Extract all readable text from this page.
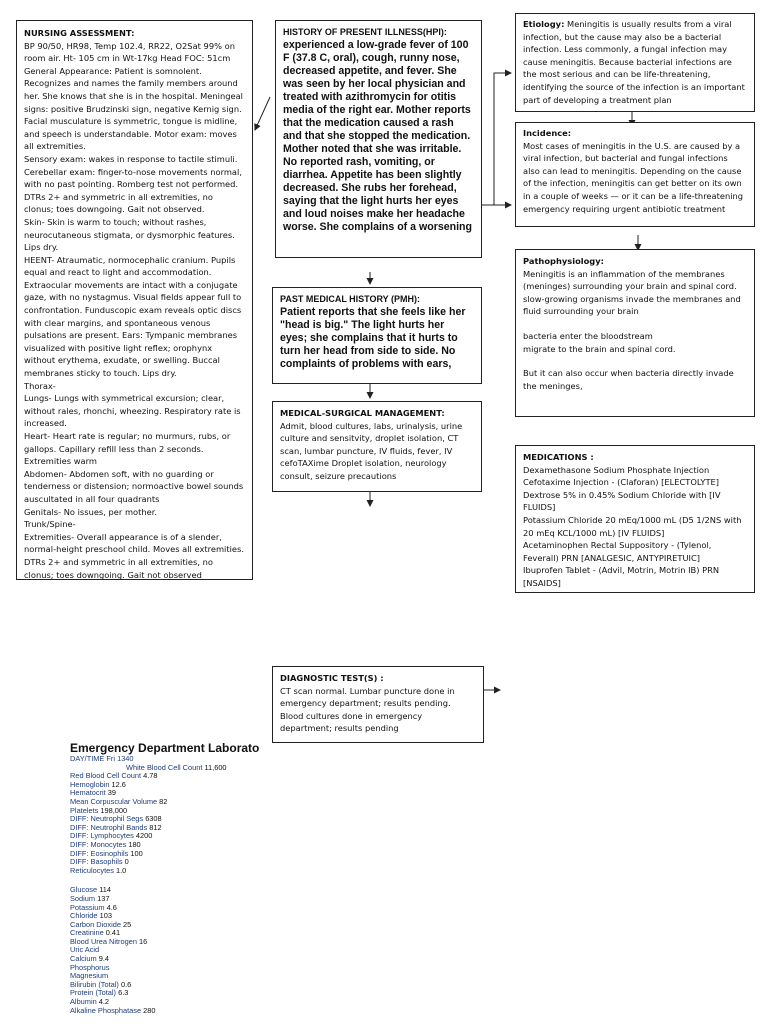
NURSING ASSESSMENT:
BP 90/50, HR98, Temp 102.4, RR22, O2Sat 99% on room air. Ht- 105 cm in Wt-17kg Head FOC: 51cm
General Appearance: Patient is somnolent. Recognizes and names the family members around her. She knows that she is in the hospital. Meningeal signs: positive Brudzinski sign, negative Kernig sign. Facial musculature is symmetric, tongue is midline, and speech is understandable. Motor exam: moves all extremities.
Sensory exam: wakes in response to tactile stimuli.
Cerebellar exam: finger-to-nose movements normal, with no past pointing. Romberg test not performed.
DTRs 2+ and symmetric in all extremities, no clonus; toes downgoing. Gait not observed.
Skin- Skin is warm to touch; without rashes, neurocutaneous stigmata, or dysmorphic features. Lips dry.
HEENT- Atraumatic, normocephalic cranium. Pupils equal and react to light and accommodation. Extraocular movements are intact with a conjugate gaze, with no nystagmus. Visual fields appear full to confrontation. Funduscopic exam reveals optic discs with clear margins, and spontaneous venous pulsations are present. Ears: Tympanic membranes visualized with positive light reflex; orophynx without erythema, exudate, or swelling. Buccal membranes sticky to touch. Lips dry.
Thorax-
Lungs- Lungs with symmetrical excursion; clear, without rales, rhonchi, wheezing. Respiratory rate is increased.
Heart- Heart rate is regular; no murmurs, rubs, or gallops. Capillary refill less than 2 seconds. Extremities warm
Abdomen- Abdomen soft, with no guarding or tenderness or distension; normoactive bowel sounds auscultated in all four quadrants
Genitals- No issues, per mother.
Trunk/Spine-
Extremities- Overall appearance is of a slender, normal-height preschool child. Moves all extremities. DTRs 2+ and symmetric in all extremities, no clonus; toes downgoing. Gait not observed
HISTORY OF PRESENT ILLNESS(HPI):
experienced a low-grade fever of 100 F (37.8 C, oral), cough, runny nose, decreased appetite, and fever. She was seen by her local physician and treated with azithromycin for otitis media of the right ear. Mother reports that the medication caused a rash and that she stopped the medication. Mother noted that she was irritable. No reported rash, vomiting, or diarrhea. Appetite has been slightly decreased. She rubs her forehead, saying that the light hurts her eyes and loud noises make her headache worse. She complains of a worsening
PAST MEDICAL HISTORY (PMH):
Patient reports that she feels like her "head is big." The light hurts her eyes; she complains that it hurts to turn her head from side to side. No complaints of problems with ears,
MEDICAL-SURGICAL MANAGEMENT:
Admit, blood cultures, labs, urinalysis, urine culture and sensitvity, droplet isolation, CT scan, lumbar puncture, IV fluids, fever, IV cefoTAXime Droplet isolation, neurology consult, seizure precautions
DIAGNOSTIC TEST(S) :
CT scan normal. Lumbar puncture done in emergency department; results pending. Blood cultures done in emergency department; results pending
Etiology: Meningitis is usually results from a viral infection, but the cause may also be a bacterial infection. Less commonly, a fungal infection may cause meningitis. Because bacterial infections are the most serious and can be life-threatening, identifying the source of the infection is an important part of developing a treatment plan
Incidence:
Most cases of meningitis in the U.S. are caused by a viral infection, but bacterial and fungal infections also can lead to meningitis. Depending on the cause of the infection, meningitis can get better on its own in a couple of weeks — or it can be a life-threatening emergency requiring urgent antibiotic treatment
Pathophysiology:
Meningitis is an inflammation of the membranes (meninges) surrounding your brain and spinal cord.
slow-growing organisms invade the membranes and fluid surrounding your brain
bacteria enter the bloodstream
migrate to the brain and spinal cord.
But it can also occur when bacteria directly invade the meninges,
MEDICATIONS :
Dexamethasone Sodium Phosphate Injection
Cefotaxime Injection - (Claforan) [ELECTOLYTE]
Dextrose 5% in 0.45% Sodium Chloride with [IV FLUIDS]
Potassium Chloride 20 mEq/1000 mL (D5 1/2NS with 20 mEq KCL/1000 mL) [IV FLUIDS]
Acetaminophen Rectal Suppository - (Tylenol, Feverall) PRN [ANALGESIC, ANTYPIRETUIC]
Ibuprofen Tablet - (Advil, Motrin, Motrin IB) PRN [NSAIDS]
Emergency Department Laborato
DAY/TIME Fri 1340
White Blood Cell Count 11,600
Red Blood Cell Count 4.78
Hemoglobin 12.6
Hematocrit 39
Mean Corpuscular Volume 82
Platelets 198,000
DIFF: Neutrophil Segs 6308
DIFF: Neutrophil Bands 812
DIFF: Lymphocytes 4200
DIFF: Monocytes 180
DIFF: Eosinophils 100
DIFF: Basophils 0
Reticulocytes 1.0
Glucose 114
Sodium 137
Potassium 4.6
Chloride 103
Carbon Dioxide 25
Creatinine 0.41
Blood Urea Nitrogen 16
Uric Acid
Calcium 9.4
Phosphorus
Magnesium
Bilirubin (Total) 0.6
Protein (Total) 6.3
Albumin 4.2
Alkaline Phosphatase 280
